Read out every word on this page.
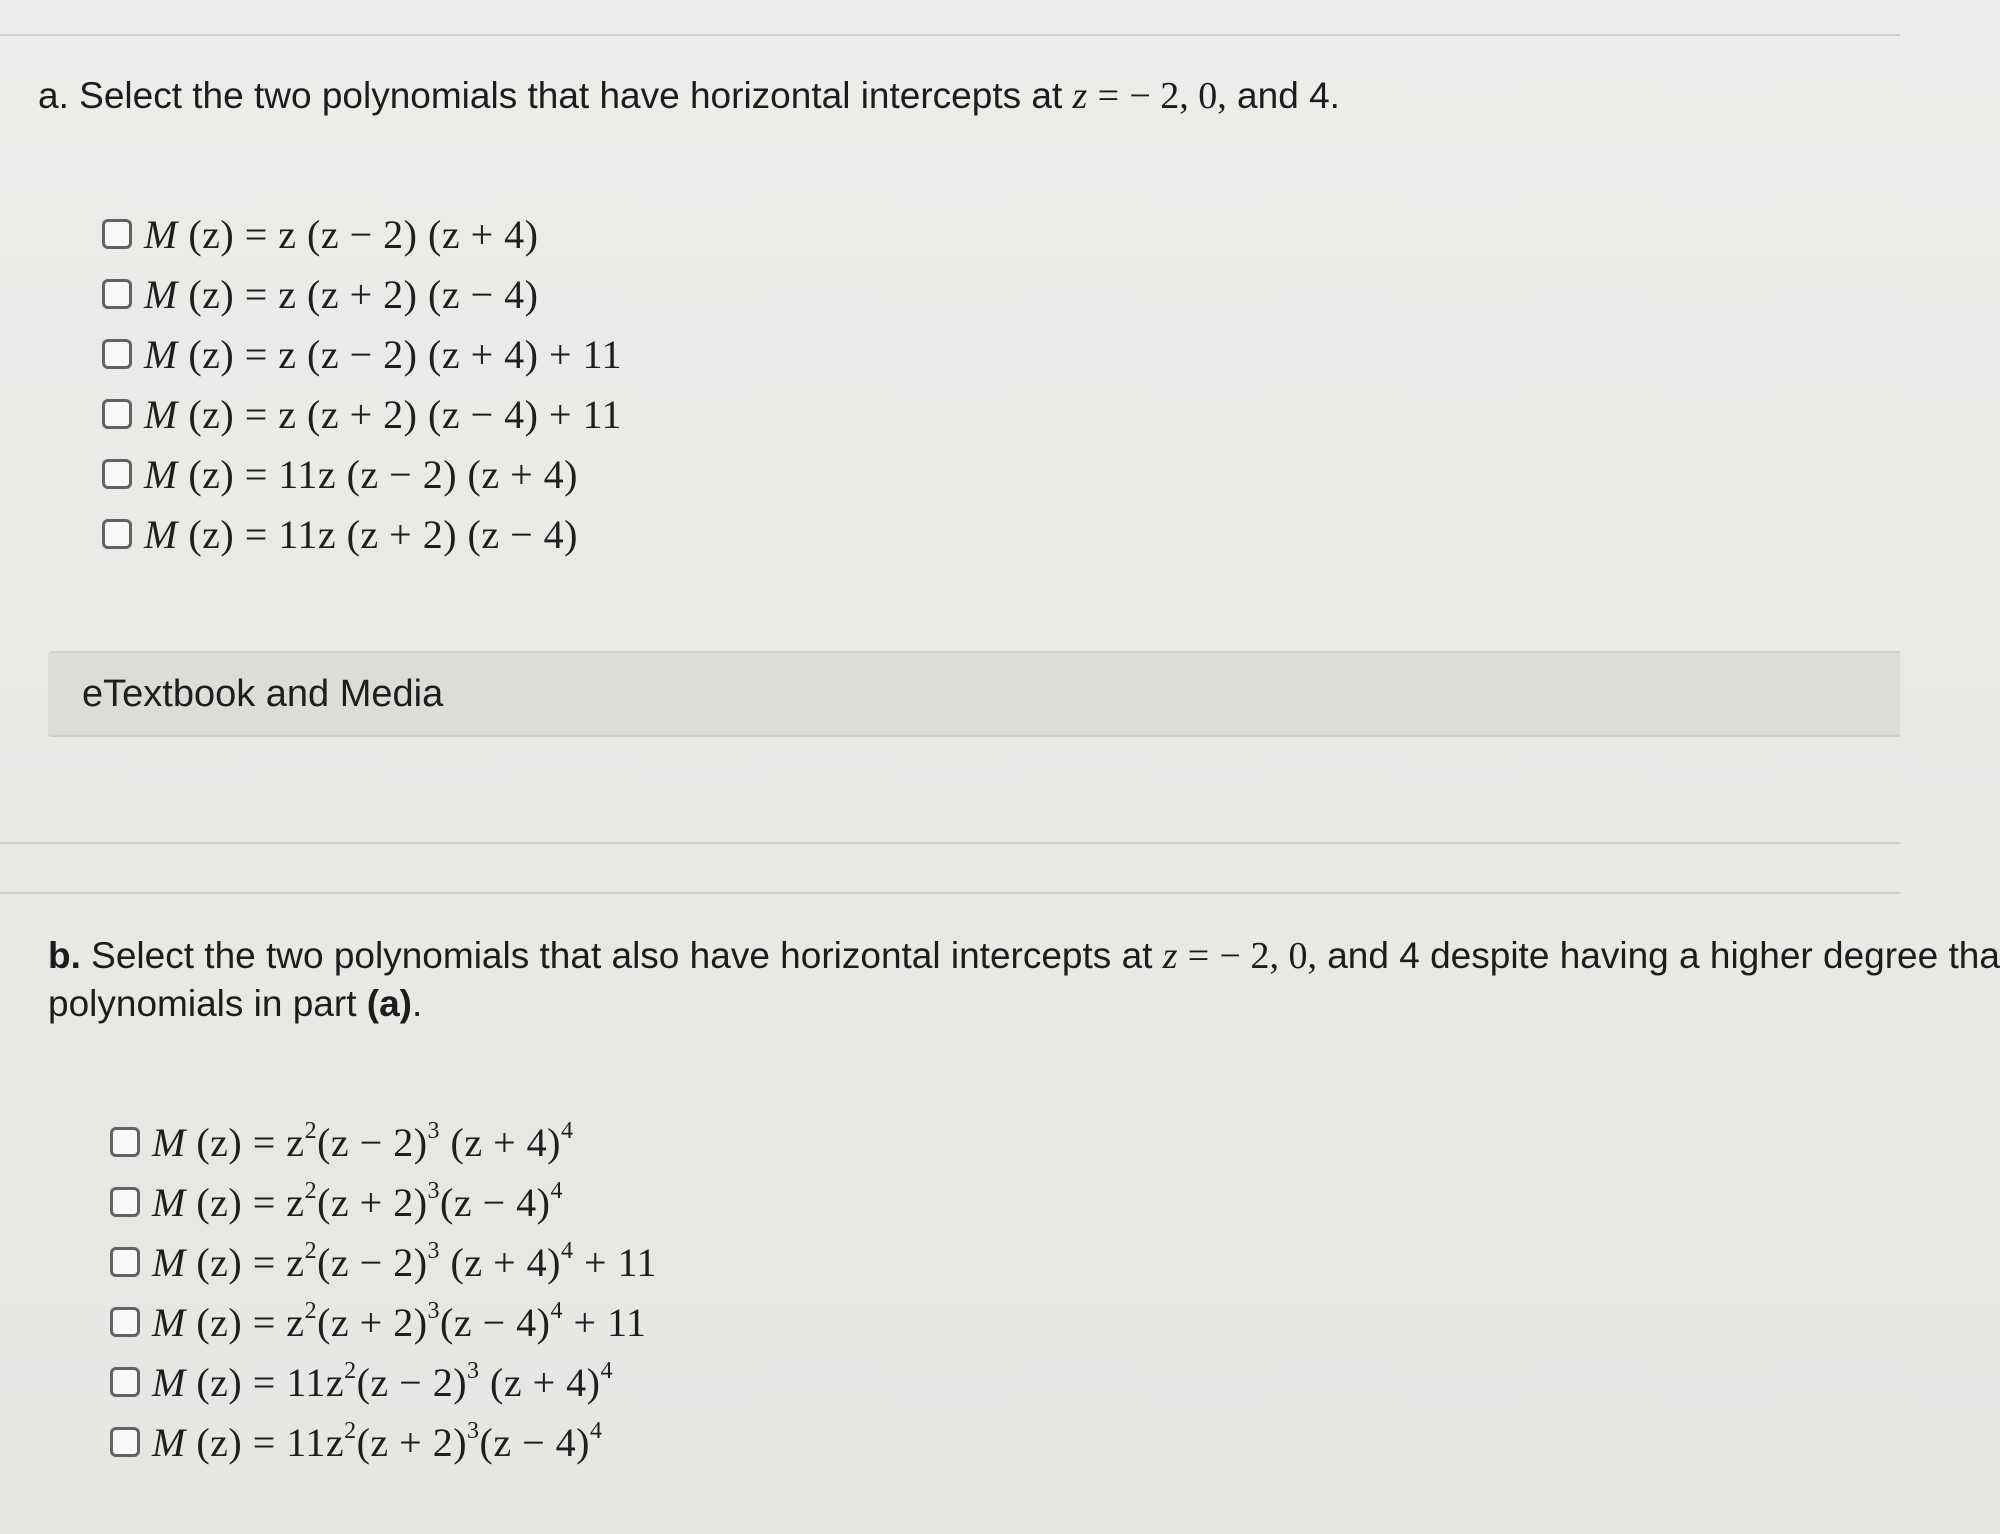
a. Select the two polynomials that have horizontal intercepts at z = − 2, 0, and 4.
M (z) = z (z − 2) (z + 4)
M (z) = z (z + 2) (z − 4)
M (z) = z (z − 2) (z + 4) + 11
M (z) = z (z + 2) (z − 4) + 11
M (z) = 11z (z − 2) (z + 4)
M (z) = 11z (z + 2) (z − 4)
eTextbook and Media
b. Select the two polynomials that also have horizontal intercepts at z = − 2, 0, and 4 despite having a higher degree tha
polynomials in part (a).
M $(z) = z^2(z - 2)^3$ $(z + 4)^4$
M $(z) = z^2(z + 2)^3(z - 4)^4$
M $(z) = z^2(z - 2)^3$ $(z + 4)^4 + 11$
M $(z) = z^2(z + 2)^3(z - 4)^4 + 11$
M $(z) = 11z^2(z - 2)^3$ $(z + 4)^4$
M $(z) = 11z^2(z + 2)^3(z - 4)^4$
